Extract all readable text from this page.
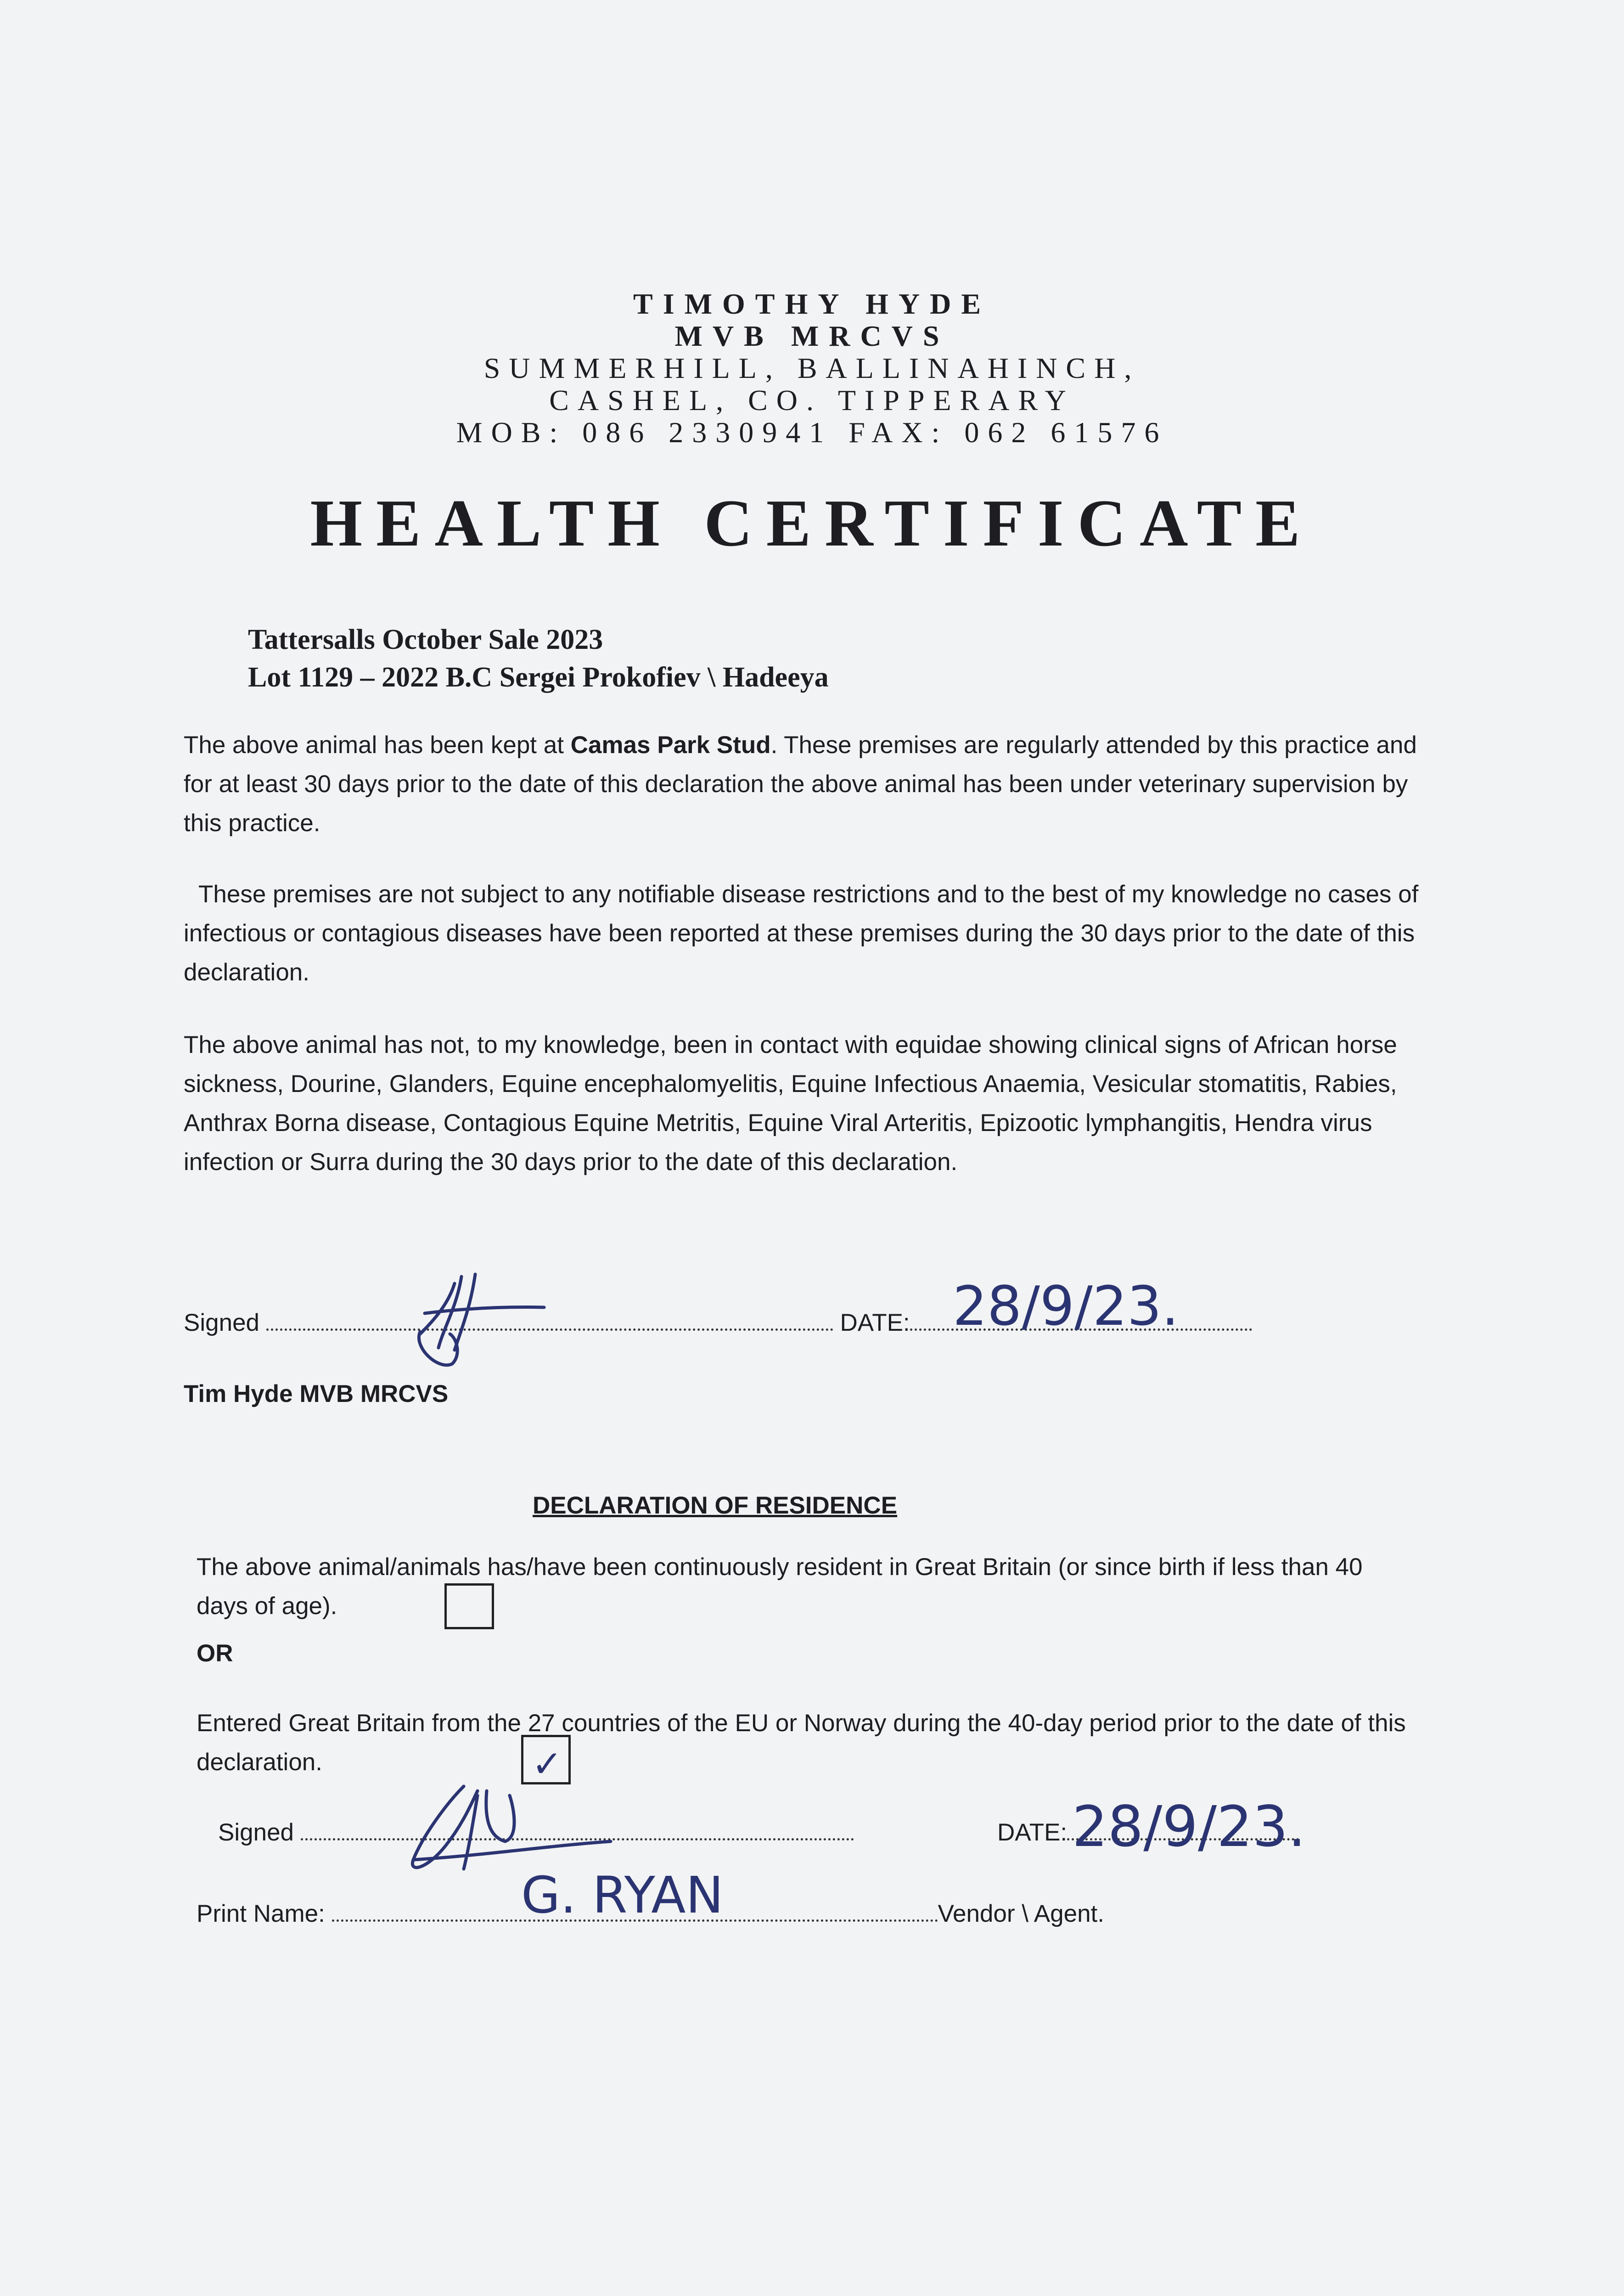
TIMOTHY HYDE
MVB MRCVS
SUMMERHILL, BALLINAHINCH,
CASHEL, CO. TIPPERARY
MOB: 086 2330941 FAX: 062 61576
HEALTH CERTIFICATE
Tattersalls October Sale 2023
Lot 1129 – 2022 B.C Sergei Prokofiev \ Hadeeya
The above animal has been kept at Camas Park Stud. These premises are regularly attended by this practice and for at least 30 days prior to the date of this declaration the above animal has been under veterinary supervision by this practice.
These premises are not subject to any notifiable disease restrictions and to the best of my knowledge no cases of infectious or contagious diseases have been reported at these premises during the 30 days prior to the date of this declaration.
The above animal has not, to my knowledge, been in contact with equidae showing clinical signs of African horse sickness, Dourine, Glanders, Equine encephalomyelitis, Equine Infectious Anaemia, Vesicular stomatitis, Rabies, Anthrax Borna disease, Contagious Equine Metritis, Equine Viral Arteritis, Epizootic lymphangitis, Hendra virus infection or Surra during the 30 days prior to the date of this declaration.
Signed	DATE: 28/9/23.
Tim Hyde MVB MRCVS
DECLARATION OF RESIDENCE
The above animal/animals has/have been continuously resident in Great Britain (or since birth if less than 40 days of age).
OR
Entered Great Britain from the 27 countries of the EU or Norway during the 40-day period prior to the date of this declaration.	✓
Signed	DATE: 28/9/23.
Print Name:	Vendor \ Agent.
G. RYAN
